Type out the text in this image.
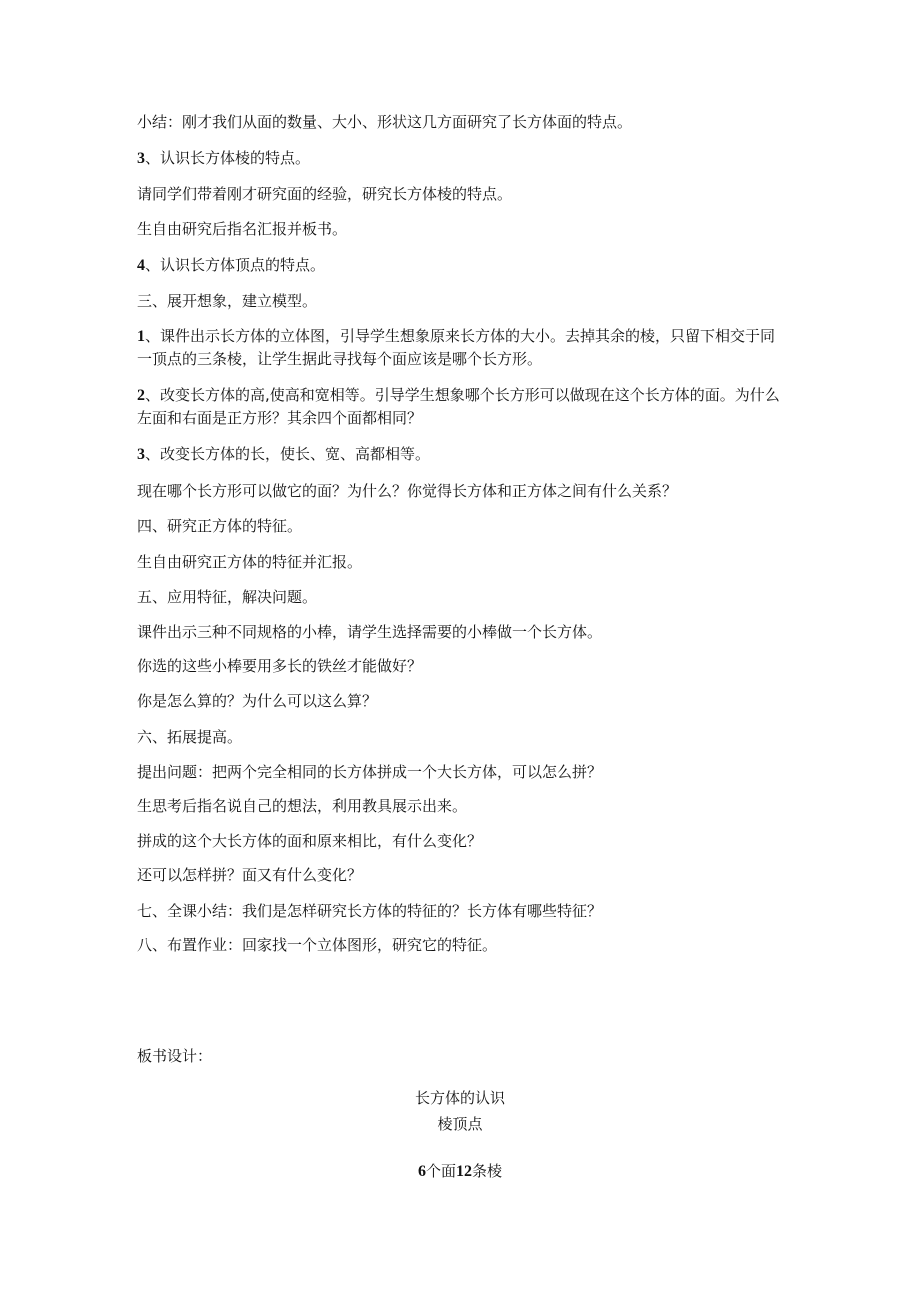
小结：刚才我们从面的数量、大小、形状这几方面研究了长方体面的特点。

3、认识长方体棱的特点。

请同学们带着刚才研究面的经验，研究长方体棱的特点。

生自由研究后指名汇报并板书。

4、认识长方体顶点的特点。

三、展开想象，建立模型。

1、课件出示长方体的立体图，引导学生想象原来长方体的大小。去掉其余的棱，只留下相交于同一顶点的三条棱，让学生据此寻找每个面应该是哪个长方形。

2、改变长方体的高,使高和宽相等。引导学生想象哪个长方形可以做现在这个长方体的面。为什么左面和右面是正方形？其余四个面都相同？

3、改变长方体的长，使长、宽、高都相等。

现在哪个长方形可以做它的面？为什么？你觉得长方体和正方体之间有什么关系？

四、研究正方体的特征。

生自由研究正方体的特征并汇报。

五、应用特征，解决问题。

课件出示三种不同规格的小棒，请学生选择需要的小棒做一个长方体。

你选的这些小棒要用多长的铁丝才能做好？

你是怎么算的？为什么可以这么算？

六、拓展提高。

提出问题：把两个完全相同的长方体拼成一个大长方体，可以怎么拼？

生思考后指名说自己的想法，利用教具展示出来。

拼成的这个大长方体的面和原来相比，有什么变化？

还可以怎样拼？面又有什么变化？

七、全课小结：我们是怎样研究长方体的特征的？长方体有哪些特征？

八、布置作业：回家找一个立体图形，研究它的特征。

板书设计：

长方体的认识

棱顶点

6个面12条棱
